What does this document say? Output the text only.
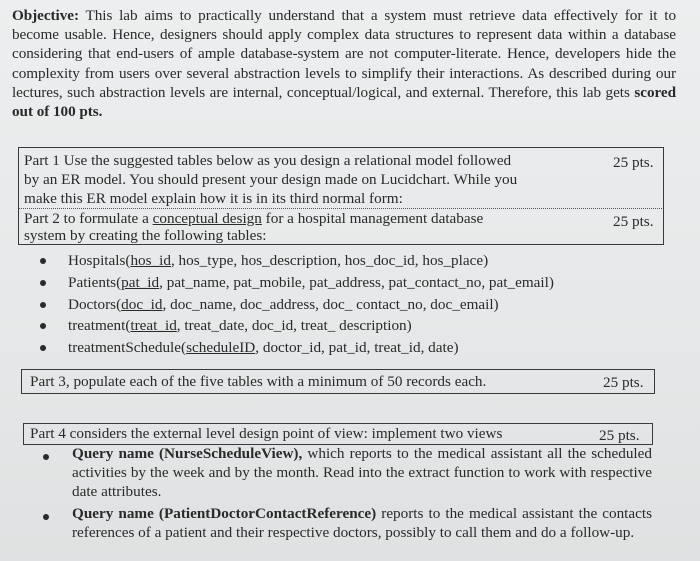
Objective: This lab aims to practically understand that a system must retrieve data effectively for it to become usable. Hence, designers should apply complex data structures to represent data within a database considering that end-users of ample database-system are not computer-literate. Hence, developers hide the complexity from users over several abstraction levels to simplify their interactions. As described during our lectures, such abstraction levels are internal, conceptual/logical, and external. Therefore, this lab gets scored out of 100 pts.
Part 1 Use the suggested tables below as you design a relational model followed
by an ER model. You should present your design made on Lucidchart. While you
make this ER model explain how it is in its third normal form:
25 pts.
Part 2 to formulate a conceptual design for a hospital management database
system by creating the following tables:
25 pts.
Hospitals(hos_id, hos_type, hos_description, hos_doc_id, hos_place)
Patients(pat_id, pat_name, pat_mobile, pat_address, pat_contact_no, pat_email)
Doctors(doc_id, doc_name, doc_address, doc_ contact_no, doc_email)
treatment(treat_id, treat_date, doc_id, treat_ description)
treatmentSchedule(scheduleID, doctor_id, pat_id, treat_id, date)
Part 3, populate each of the five tables with a minimum of 50 records each.	25 pts.
Part 4 considers the external level design point of view: implement two views	25 pts.
Query name (NurseScheduleView), which reports to the medical assistant all the scheduled activities by the week and by the month. Read into the extract function to work with respective date attributes.
Query name (PatientDoctorContactReference) reports to the medical assistant the contacts references of a patient and their respective doctors, possibly to call them and do a follow-up.
